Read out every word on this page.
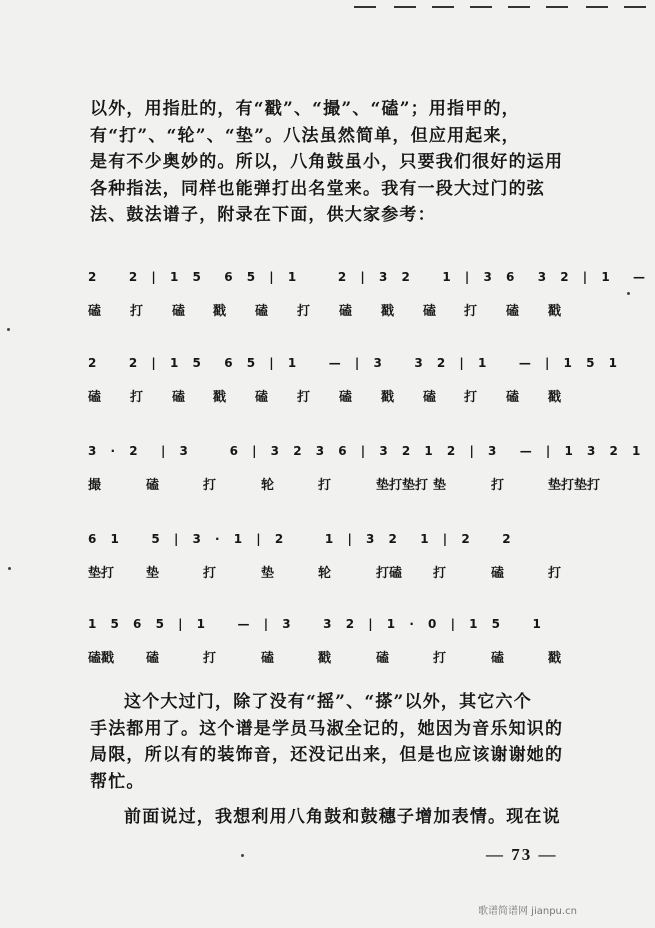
以外，用指肚的，有“戳”、“撮”、“磕”；用指甲的，
有“打”、“轮”、“垫”。八法虽然简单，但应用起来，
是有不少奥妙的。所以，八角鼓虽小，只要我们很好的运用
各种指法，同样也能弹打出名堂来。我有一段大过门的弦
法、鼓法谱子，附录在下面，供大家参考：
2   2 | 1 5  6 5 | 1    2 | 3 2   1 | 3 6  3 2 | 1  —
磕 打 磕 戳 磕 打 磕 戳 磕 打 磕 戳
2   2 | 1 5  6 5 | 1   — | 3   3 2 | 1   — | 1 5 1
磕 打 磕 戳 磕 打 磕 戳 磕 打 磕 戳
3 · 2  | 3    6 | 3 2 3 6 | 3 2 1 2 | 3  — | 1 3 2 1
撮	磕	打	轮	打	垫打垫打 垫	打	垫打垫打
6 1   5 | 3 · 1 | 2    1 | 3 2  1 | 2   2
垫打 垫	打	垫	轮	打磕 打	磕	打
1 5 6 5 | 1   — | 3   3 2 | 1 · 0 | 1 5   1
磕戳 磕	打	磕	戳	磕	打	磕	戳
这个大过门，除了没有“摇”、“搽”以外，其它六个
手法都用了。这个谱是学员马淑全记的，她因为音乐知识的
局限，所以有的装饰音，还没记出来，但是也应该谢谢她的
帮忙。
前面说过，我想利用八角鼓和鼓穗子增加表情。现在说
— 73 —
歌谱简谱网 jianpu.cn
